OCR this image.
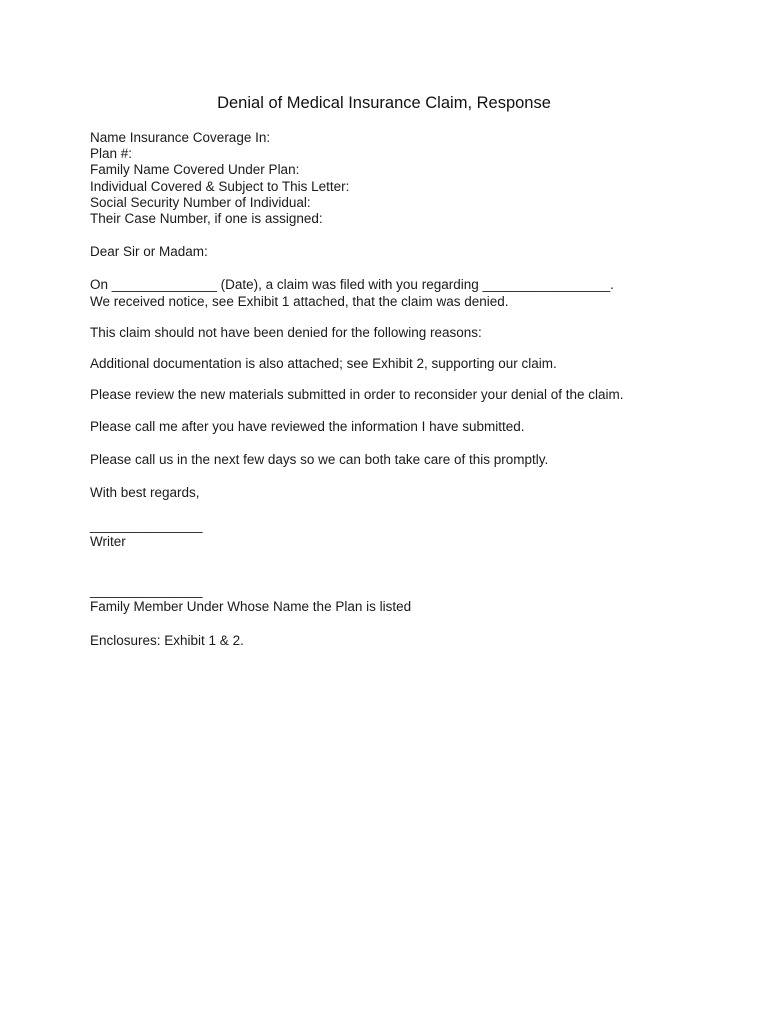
Denial of Medical Insurance Claim, Response
Name Insurance Coverage In:
Plan #:
Family Name Covered Under Plan:
Individual Covered & Subject to This Letter:
Social Security Number of Individual:
Their Case Number, if one is assigned:
Dear Sir or Madam:
On ______________ (Date), a claim was filed with you regarding _________________.
We received notice, see Exhibit 1 attached, that the claim was denied.
This claim should not have been denied for the following reasons:
Additional documentation is also attached; see Exhibit 2, supporting our claim.
Please review the new materials submitted in order to reconsider your denial of the claim.
Please call me after you have reviewed the information I have submitted.
Please call us in the next few days so we can both take care of this promptly.
With best regards,
_______________
Writer
_______________
Family Member Under Whose Name the Plan is listed
Enclosures: Exhibit 1 & 2.
